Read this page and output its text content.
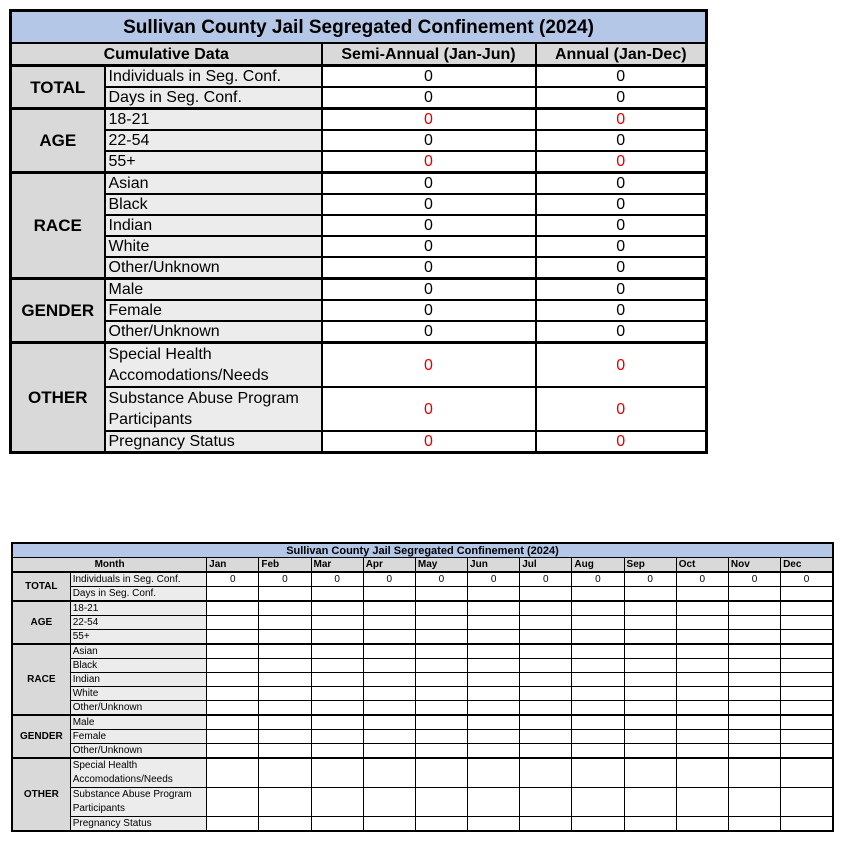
Sullivan County Jail Segregated Confinement (2024)			
Cumulative Data		Semi-Annual (Jan-Jun)	Annual (Jan-Dec)
TOTAL	Individuals in Seg. Conf.	0	0
	Days in Seg. Conf.	0	0
AGE	18-21	0	0
	22-54	0	0
	55+	0	0
RACE	Asian	0	0
	Black	0	0
	Indian	0	0
	White	0	0
	Other/Unknown	0	0
GENDER	Male	0	0
	Female	0	0
	Other/Unknown	0	0
OTHER	Special Health Accomodations/Needs	0	0
	Substance Abuse Program Participants	0	0
	Pregnancy Status	0	0
Sullivan County Jail Segregated Confinement (2024)													
Month		Jan	Feb	Mar	Apr	May	Jun	Jul	Aug	Sep	Oct	Nov	Dec
TOTAL	Individuals in Seg. Conf.	0	0	0	0	0	0	0	0	0	0	0	0
	Days in Seg. Conf.												
AGE	18-21												
	22-54												
	55+												
RACE	Asian												
	Black												
	Indian												
	White												
	Other/Unknown												
GENDER	Male												
	Female												
	Other/Unknown												
OTHER	Special Health Accomodations/Needs												
	Substance Abuse Program Participants												
	Pregnancy Status												
